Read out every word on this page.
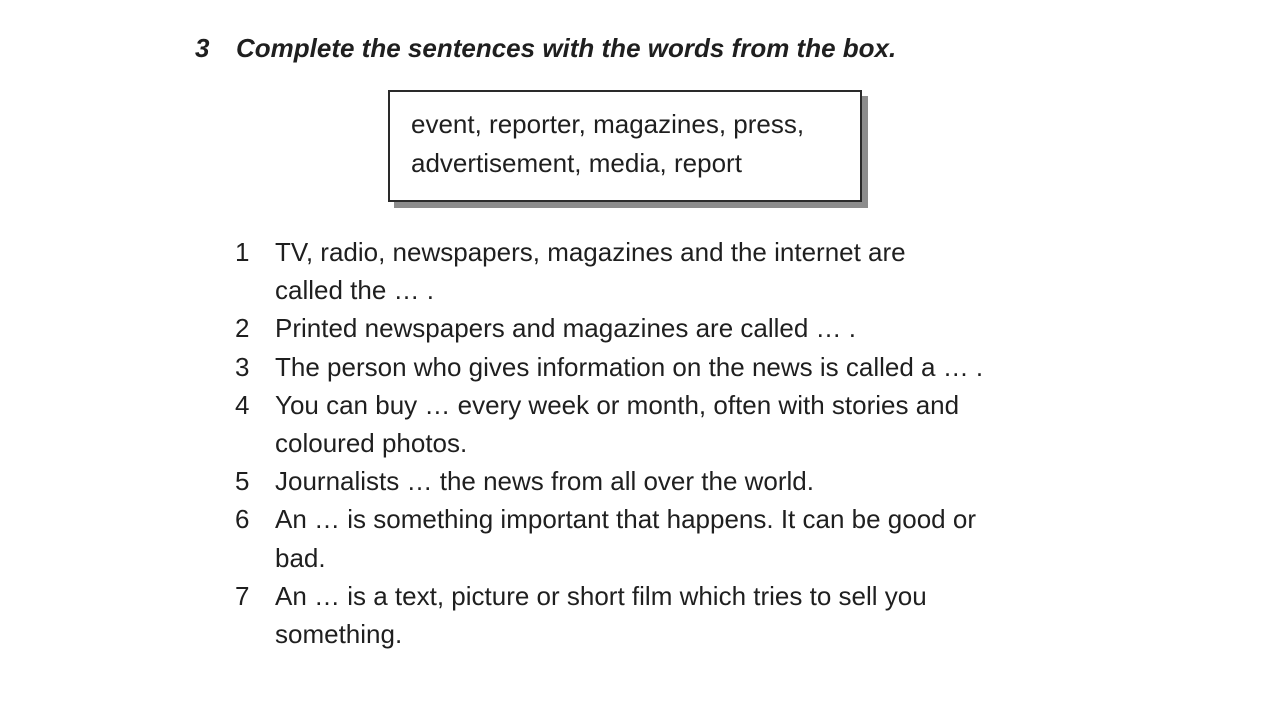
3 Complete the sentences with the words from the box.
event, reporter, magazines, press,
advertisement, media, report
1 TV, radio, newspapers, magazines and the internet are
called the … .
2 Printed newspapers and magazines are called … .
3 The person who gives information on the news is called a … .
4 You can buy … every week or month, often with stories and
coloured photos.
5 Journalists … the news from all over the world.
6 An … is something important that happens. It can be good or
bad.
7 An … is a text, picture or short film which tries to sell you
something.
